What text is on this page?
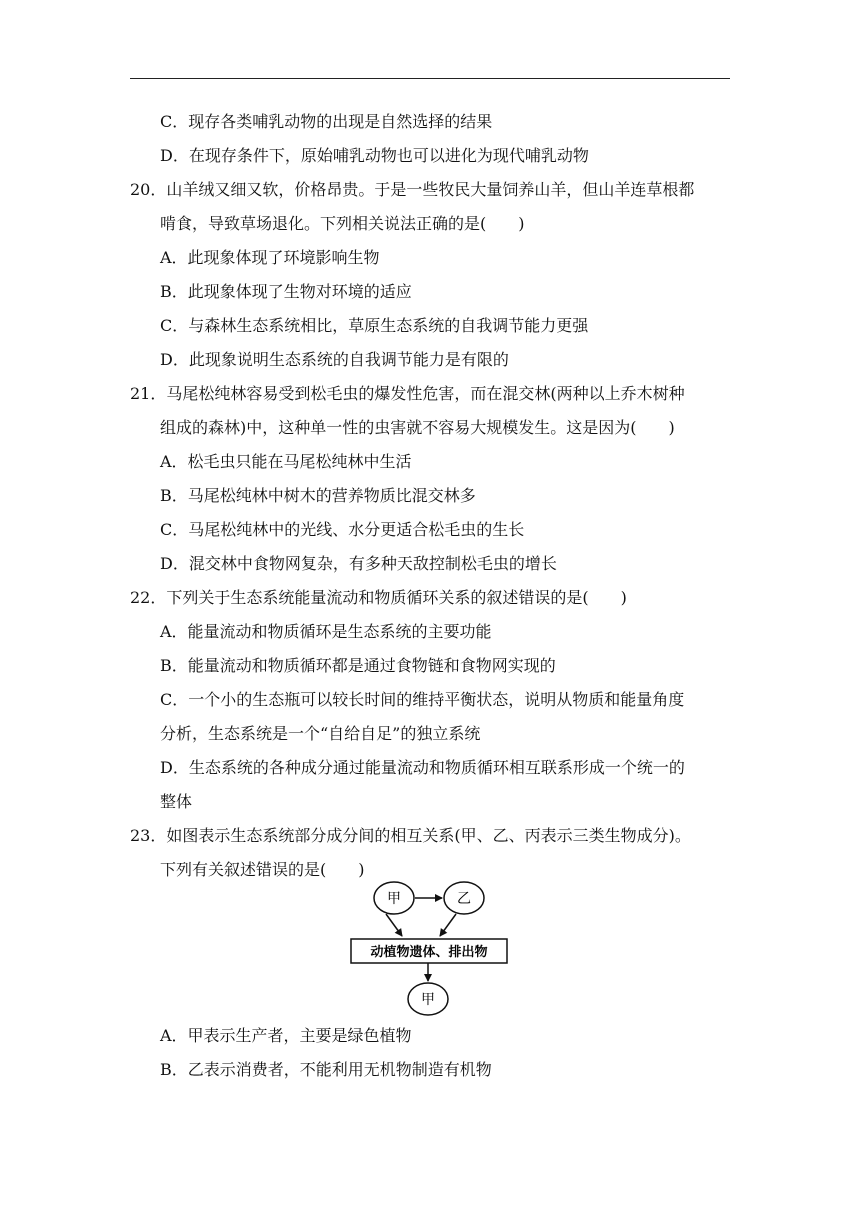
C．现存各类哺乳动物的出现是自然选择的结果
D．在现存条件下，原始哺乳动物也可以进化为现代哺乳动物
20．山羊绒又细又软，价格昂贵。于是一些牧民大量饲养山羊，但山羊连草根都
啃食，导致草场退化。下列相关说法正确的是(　　)
A．此现象体现了环境影响生物
B．此现象体现了生物对环境的适应
C．与森林生态系统相比，草原生态系统的自我调节能力更强
D．此现象说明生态系统的自我调节能力是有限的
21．马尾松纯林容易受到松毛虫的爆发性危害，而在混交林(两种以上乔木树种
组成的森林)中，这种单一性的虫害就不容易大规模发生。这是因为(　　)
A．松毛虫只能在马尾松纯林中生活
B．马尾松纯林中树木的营养物质比混交林多
C．马尾松纯林中的光线、水分更适合松毛虫的生长
D．混交林中食物网复杂，有多种天敌控制松毛虫的增长
22．下列关于生态系统能量流动和物质循环关系的叙述错误的是(　　)
A．能量流动和物质循环是生态系统的主要功能
B．能量流动和物质循环都是通过食物链和食物网实现的
C．一个小的生态瓶可以较长时间的维持平衡状态，说明从物质和能量角度
分析，生态系统是一个“自给自足”的独立系统
D．生态系统的各种成分通过能量流动和物质循环相互联系形成一个统一的
整体
23．如图表示生态系统部分成分间的相互关系(甲、乙、丙表示三类生物成分)。
下列有关叙述错误的是(　　)
A．甲表示生产者，主要是绿色植物
B．乙表示消费者，不能利用无机物制造有机物
甲	乙
动植物遗体、排出物
甲
